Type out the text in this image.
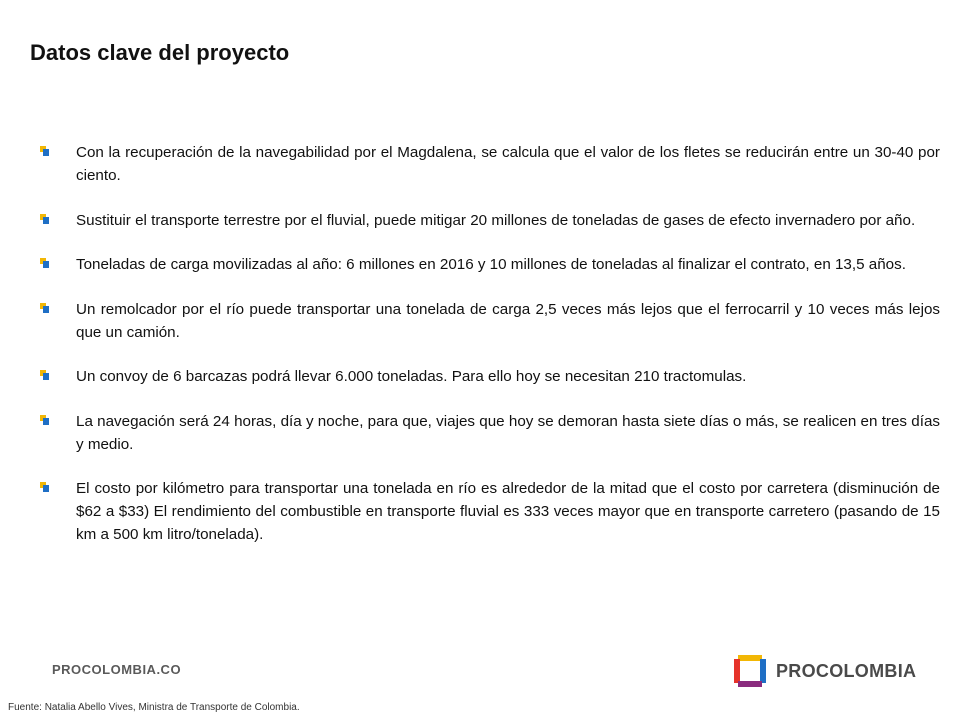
Datos clave del proyecto
Con la recuperación de la navegabilidad por el Magdalena, se calcula que el valor de los fletes se reducirán entre un 30-40 por ciento.
Sustituir el transporte terrestre por el fluvial, puede mitigar 20 millones de toneladas de gases de efecto invernadero por año.
Toneladas de carga movilizadas al año: 6 millones en 2016 y 10 millones de toneladas al finalizar el contrato, en 13,5 años.
Un remolcador por el río puede transportar una tonelada de carga 2,5 veces más lejos que el ferrocarril y 10 veces más lejos que un camión.
Un convoy de 6 barcazas podrá llevar 6.000 toneladas. Para ello hoy se necesitan 210 tractomulas.
La navegación será 24 horas, día y noche, para que, viajes que hoy se demoran hasta siete días o más, se realicen en tres días y medio.
El costo por kilómetro para transportar una tonelada en río es alrededor de la mitad que el costo por carretera (disminución de $62 a $33) El rendimiento del combustible en transporte fluvial es 333 veces mayor que en transporte carretero (pasando de 15 km a 500 km litro/tonelada).
PROCOLOMBIA.CO	PROCOLOMBIA
Fuente: Natalia Abello Vives, Ministra de Transporte de Colombia.
